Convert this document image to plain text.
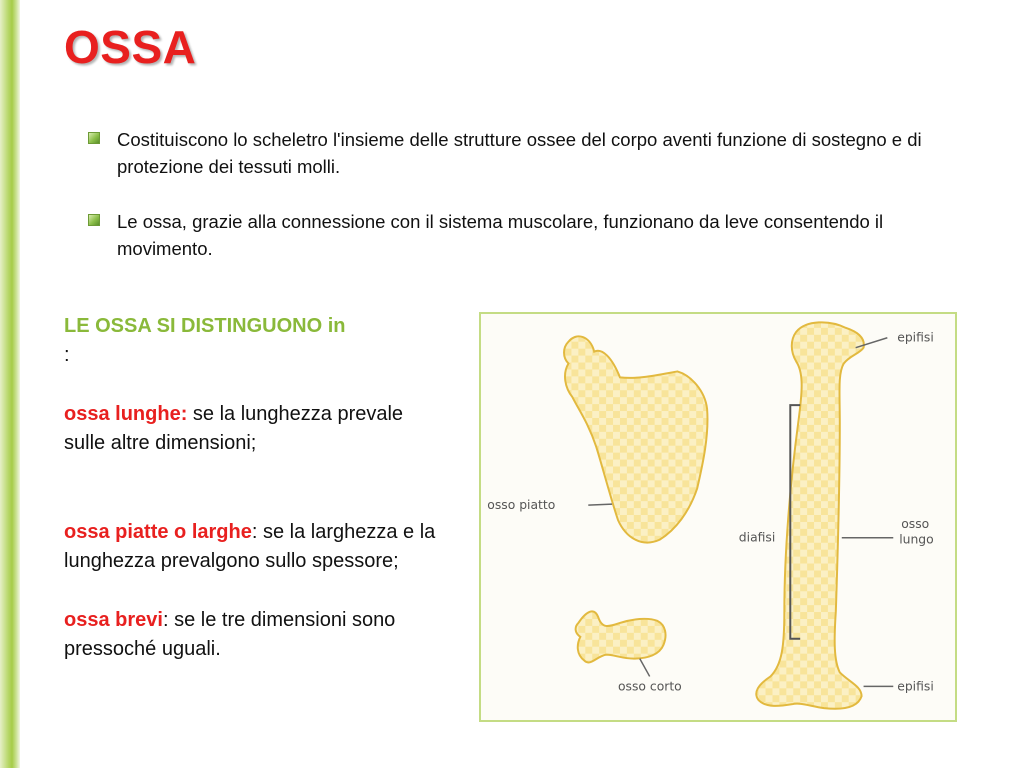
OSSA
Costituiscono lo scheletro l'insieme delle strutture ossee del corpo aventi funzione di sostegno e di protezione dei tessuti molli.
Le ossa, grazie alla connessione con il sistema muscolare, funzionano da leve consentendo il movimento.

LE OSSA SI DISTINGUONO in
:

ossa lunghe: se la lunghezza prevale sulle altre dimensioni;

ossa piatte o larghe: se la larghezza e la lunghezza prevalgono sullo spessore;

ossa brevi: se le tre dimensioni sono pressoché uguali.

epifisi
osso piatto
diafisi
osso
lungo
osso corto	epifisi
